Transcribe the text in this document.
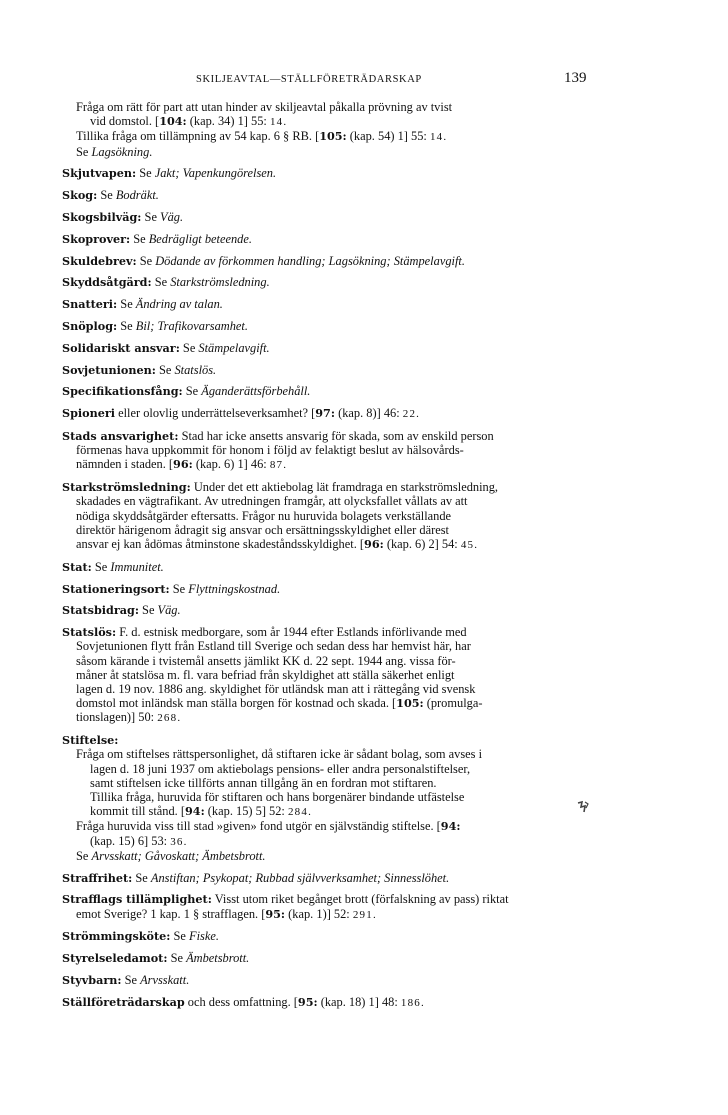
SKILJEAVTAL—STÄLLFÖRETRÄDARSKAP	139
Fråga om rätt för part att utan hinder av skiljeavtal påkalla prövning av tvist
vid domstol. [104: (kap. 34) 1] 55: 14.
Tillika fråga om tillämpning av 54 kap. 6 § RB. [105: (kap. 54) 1] 55: 14.
Se Lagsökning.
Skjutvapen: Se Jakt; Vapenkungörelsen.
Skog: Se Bodräkt.
Skogsbilväg: Se Väg.
Skoprover: Se Bedrägligt beteende.
Skuldebrev: Se Dödande av förkommen handling; Lagsökning; Stämpelavgift.
Skyddsåtgärd: Se Starkströmsledning.
Snatteri: Se Ändring av talan.
Snöplog: Se Bil; Trafikovarsamhet.
Solidariskt ansvar: Se Stämpelavgift.
Sovjetunionen: Se Statslös.
Specifikationsfång: Se Äganderättsförbehåll.
Spioneri eller olovlig underrättelseverksamhet? [97: (kap. 8)] 46: 22.
Stads ansvarighet: Stad har icke ansetts ansvarig för skada, som av enskild person
förmenas hava uppkommit för honom i följd av felaktigt beslut av hälsovårds-
nämnden i staden. [96: (kap. 6) 1] 46: 87.
Starkströmsledning: Under det ett aktiebolag lät framdraga en starkströmsledning,
skadades en vägtrafikant. Av utredningen framgår, att olycksfallet vållats av att
nödiga skyddsåtgärder eftersatts. Frågor nu huruvida bolagets verkställande
direktör härigenom ådragit sig ansvar och ersättningsskyldighet eller därest
ansvar ej kan ådömas åtminstone skadeståndsskyldighet. [96: (kap. 6) 2] 54: 45.
Stat: Se Immunitet.
Stationeringsort: Se Flyttningskostnad.
Statsbidrag: Se Väg.
Statslös: F. d. estnisk medborgare, som år 1944 efter Estlands införlivande med
Sovjetunionen flytt från Estland till Sverige och sedan dess har hemvist här, har
såsom kärande i tvistemål ansetts jämlikt KK d. 22 sept. 1944 ang. vissa för-
måner åt statslösa m. fl. vara befriad från skyldighet att ställa säkerhet enligt
lagen d. 19 nov. 1886 ang. skyldighet för utländsk man att i rättegång vid svensk
domstol mot inländsk man ställa borgen för kostnad och skada. [105: (promulga-
tionslagen)] 50: 268.
Stiftelse:
Fråga om stiftelses rättspersonlighet, då stiftaren icke är sådant bolag, som avses i
lagen d. 18 juni 1937 om aktiebolags pensions- eller andra personalstiftelser,
samt stiftelsen icke tillförts annan tillgång än en fordran mot stiftaren.
Tillika fråga, huruvida för stiftaren och hans borgenärer bindande utfästelse
kommit till stånd. [94: (kap. 15) 5] 52: 284.
Fråga huruvida viss till stad »given» fond utgör en självständig stiftelse. [94:
(kap. 15) 6] 53: 36.
Se Arvsskatt; Gåvoskatt; Ämbetsbrott.
Straffrihet: Se Anstiftan; Psykopat; Rubbad självverksamhet; Sinnesslöhet.
Strafflags tillämplighet: Visst utom riket begånget brott (förfalskning av pass) riktat
emot Sverige? 1 kap. 1 § strafflagen. [95: (kap. 1)] 52: 291.
Strömmingsköte: Se Fiske.
Styrelseledamot: Se Ämbetsbrott.
Styvbarn: Se Arvsskatt.
Ställföreträdarskap och dess omfattning. [95: (kap. 18) 1] 48: 186.
